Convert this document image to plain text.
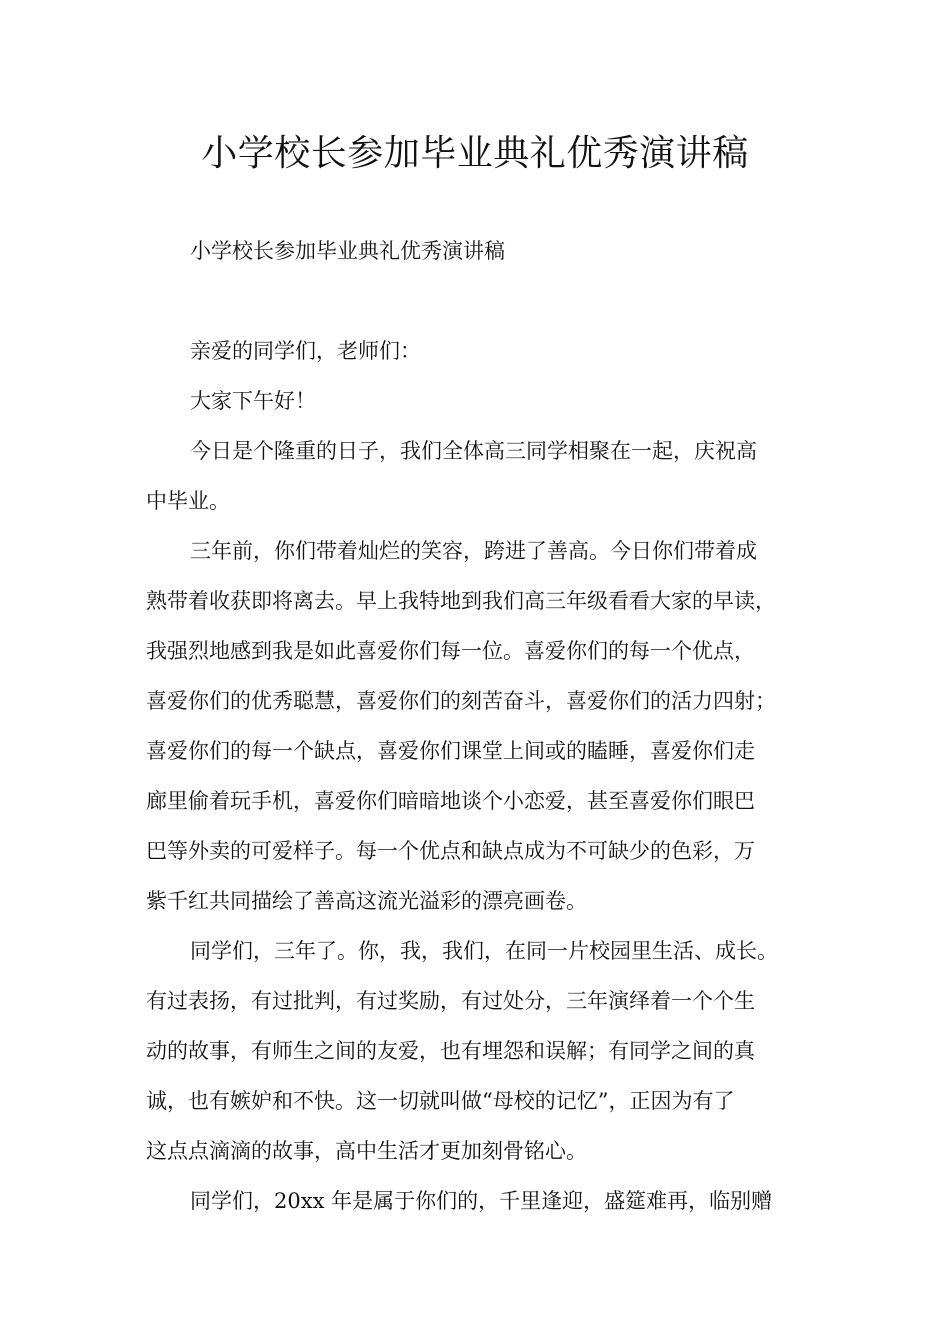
小学校长参加毕业典礼优秀演讲稿

小学校长参加毕业典礼优秀演讲稿

亲爱的同学们，老师们：

大家下午好！

今日是个隆重的日子，我们全体高三同学相聚在一起，庆祝高

中毕业。

三年前，你们带着灿烂的笑容，跨进了善高。今日你们带着成

熟带着收获即将离去。早上我特地到我们高三年级看看大家的早读，

我强烈地感到我是如此喜爱你们每一位。喜爱你们的每一个优点，

喜爱你们的优秀聪慧，喜爱你们的刻苦奋斗，喜爱你们的活力四射；

喜爱你们的每一个缺点，喜爱你们课堂上间或的瞌睡，喜爱你们走

廊里偷着玩手机，喜爱你们暗暗地谈个小恋爱，甚至喜爱你们眼巴

巴等外卖的可爱样子。每一个优点和缺点成为不可缺少的色彩，万

紫千红共同描绘了善高这流光溢彩的漂亮画卷。

同学们，三年了。你，我，我们，在同一片校园里生活、成长。

有过表扬，有过批判，有过奖励，有过处分，三年演绎着一个个生

动的故事，有师生之间的友爱，也有埋怨和误解；有同学之间的真

诚，也有嫉妒和不快。这一切就叫做“母校的记忆”，正因为有了

这点点滴滴的故事，高中生活才更加刻骨铭心。

同学们，20xx 年是属于你们的，千里逢迎，盛筵难再，临别赠
